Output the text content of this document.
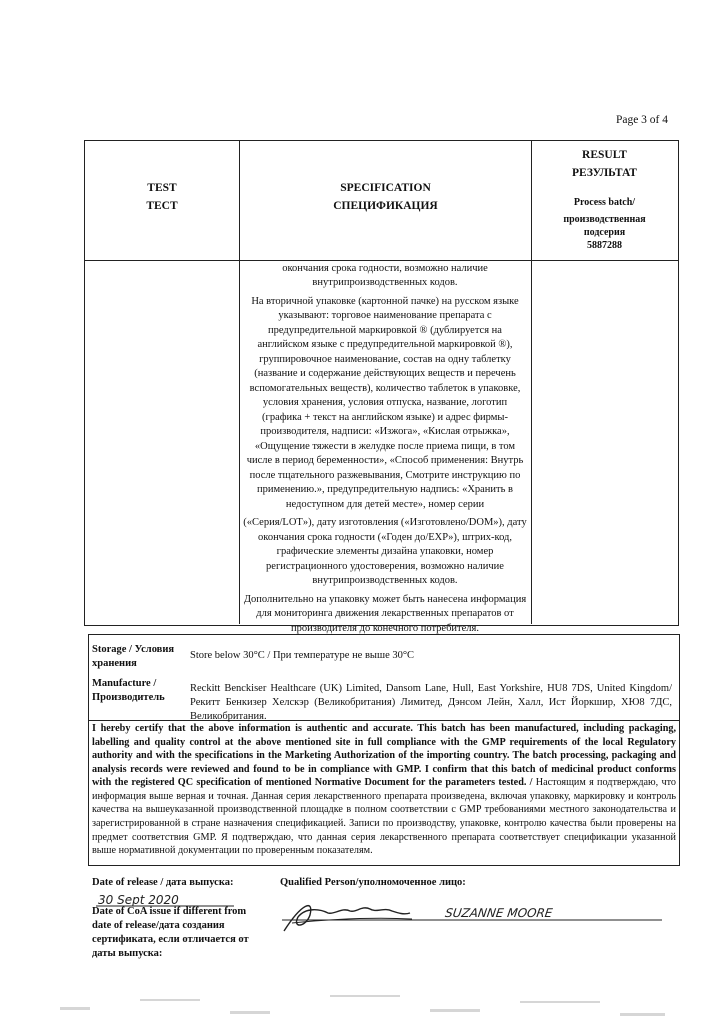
Page 3 of 4
TEST
ТЕСТ
SPECIFICATION
СПЕЦИФИКАЦИЯ
RESULT
РЕЗУЛЬТАТ
Process batch/
производственная
подсерия
5887288

окончания срока годности, возможно наличие внутрипроизводственных кодов.

На вторичной упаковке (картонной пачке) на русском языке указывают: торговое наименование препарата с предупредительной маркировкой ® (дублируется на английском языке с предупредительной маркировкой ®), группировочное наименование, состав на одну таблетку (название и содержание действующих веществ и перечень вспомогательных веществ), количество таблеток в упаковке, условия хранения, условия отпуска, название, логотип (графика + текст на английском языке) и адрес фирмы-производителя, надписи: «Изжога», «Кислая отрыжка», «Ощущение тяжести в желудке после приема пищи, в том числе в период беременности», «Способ применения: Внутрь после тщательного разжевывания, Смотрите инструкцию по применению.», предупредительную надпись: «Хранить в недоступном для детей месте», номер серии

(«Серия/LOT»), дату изготовления («Изготовлено/DOM»), дату окончания срока годности («Годен до/EXP»), штрих-код, графические элементы дизайна упаковки, номер регистрационного удостоверения, возможно наличие внутрипроизводственных кодов.

Дополнительно на упаковку может быть нанесена информация для мониторинга движения лекарственных препаратов от производителя до конечного потребителя.

Storage / Условия
хранения
Store below 30°C / При температуре не выше 30°C
Manufacture /
Производитель
Reckitt Benckiser Healthcare (UK) Limited, Dansom Lane, Hull, East Yorkshire, HU8 7DS, United Kingdom/ Рекитт Бенкизер Хелскэр (Великобритания) Лимитед, Дэнсом Лейн, Халл, Ист Йоркшир, ХЮ8 7ДС, Великобритания.
I hereby certify that the above information is authentic and accurate. This batch has been manufactured, including packaging, labelling and quality control at the above mentioned site in full compliance with the GMP requirements of the local Regulatory authority and with the specifications in the Marketing Authorization of the importing country. The batch processing, packaging and analysis records were reviewed and found to be in compliance with GMP. I confirm that this batch of medicinal product conforms with the registered QC specification of mentioned Normative Document for the parameters tested. / Настоящим я подтверждаю, что информация выше верная и точная. Данная серия лекарственного препарата произведена, включая упаковку, маркировку и контроль качества на вышеуказанной производственной площадке в полном соответствии с GMP требованиями местного законодательства и зарегистрированной в стране назначения спецификацией. Записи по производству, упаковке, контролю качества были проверены на предмет соответствия GMP. Я подтверждаю, что данная серия лекарственного препарата соответствует спецификации указанной выше нормативной документации по проверенным показателям.
Date of release / дата выпуска:
30 Sept 2020
Date of CoA issue if different from
date of release/дата создания
сертификата, если отличается от
даты выпуска:
Qualified Person/уполномоченное лицо:
SUZANNE MOORE
